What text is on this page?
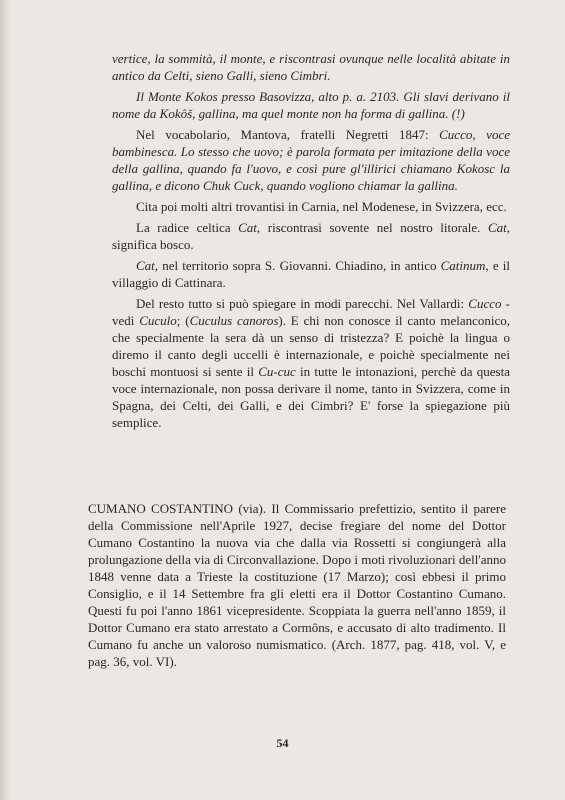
vertice, la sommità, il monte, e riscontrasi ovunque nelle località abitate in antico da Celti, sieno Galli, sieno Cimbri.

Il Monte Kokos presso Basovizza, alto p. a. 2103. Gli slavi derivano il nome da Kokôš, gallina, ma quel monte non ha forma di gallina. (!)

Nel vocabolario, Mantova, fratelli Negretti 1847: Cucco, voce bambinesca. Lo stesso che uovo; è parola formata per imitazione della voce della gallina, quando fa l'uovo, e così pure gl'illirici chiamano Kokosc la gallina, e dicono Chuk Cuck, quando vogliono chiamar la gallina.

Cita poi molti altri trovantisi in Carnia, nel Modenese, in Svizzera, ecc.

La radice celtica Cat, riscontrasi sovente nel nostro litorale. Cat, significa bosco.

Cat, nel territorio sopra S. Giovanni. Chiadino, in antico Catinum, e il villaggio di Cattinara.

Del resto tutto si può spiegare in modi parecchi. Nel Vallardi: Cucco - vedi Cuculo; (Cuculus canoros). E chi non conosce il canto melanconico, che specialmente la sera dà un senso di tristezza? E poichè la lingua o diremo il canto degli uccelli è internazionale, e poichè specialmente nei boschi montuosi si sente il Cu-cuc in tutte le intonazioni, perchè da questa voce internazionale, non possa derivare il nome, tanto in Svizzera, come in Spagna, dei Celti, dei Galli, e dei Cimbri? E' forse la spiegazione più semplice.

CUMANO COSTANTINO (via). Il Commissario prefettizio, sentito il parere della Commissione nell'Aprile 1927, decise fregiare del nome del Dottor Cumano Costantino la nuova via che dalla via Rossetti si congiungerà alla prolungazione della via di Circonvallazione. Dopo i moti rivoluzionari dell'anno 1848 venne data a Trieste la costituzione (17 Marzo); così ebbesi il primo Consiglio, e il 14 Settembre fra gli eletti era il Dottor Costantino Cumano. Questi fu poi l'anno 1861 vicepresidente. Scoppiata la guerra nell'anno 1859, il Dottor Cumano era stato arrestato a Cormôns, e accusato di alto tradimento. Il Cumano fu anche un valoroso numismatico. (Arch. 1877, pag. 418, vol. V, e pag. 36, vol. VI).
54
